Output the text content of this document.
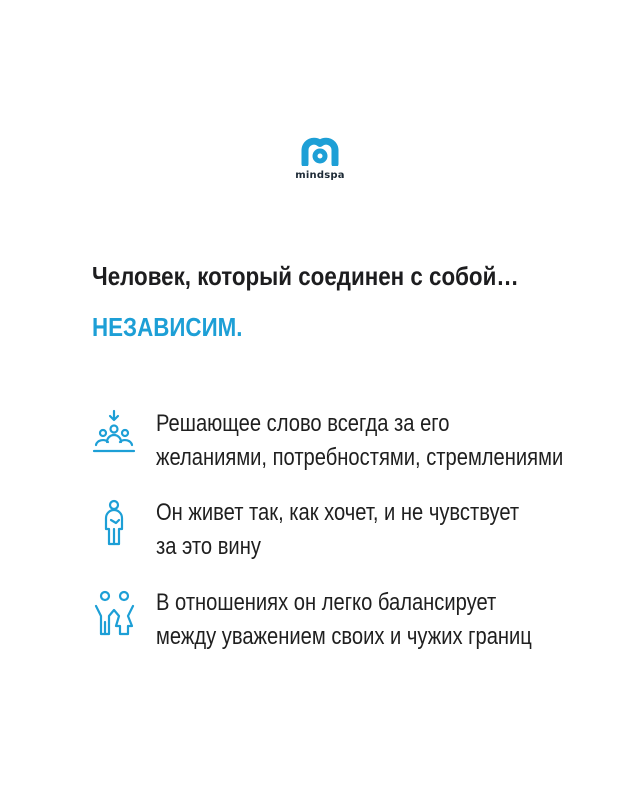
mindspa
Человек, который соединен с собой…
НЕЗАВИСИМ.
Решающее слово всегда за его
желаниями, потребностями, стремлениями
Он живет так, как хочет, и не чувствует
за это вину
В отношениях он легко балансирует
между уважением своих и чужих границ
